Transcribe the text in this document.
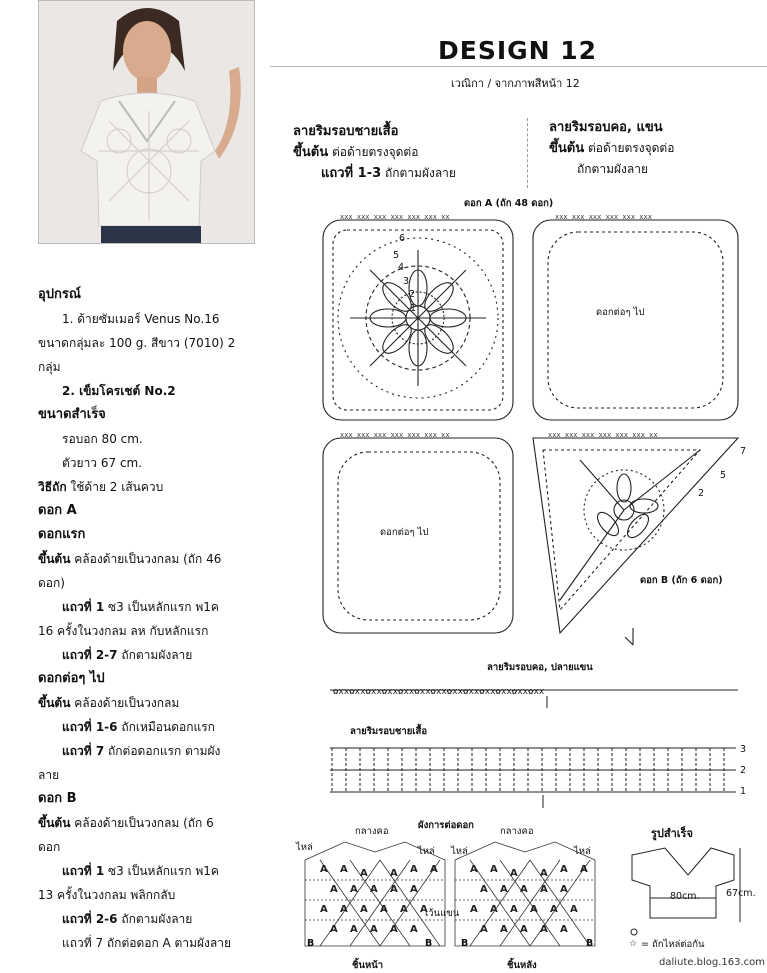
DESIGN 12
เวณิกา / จากภาพสีหน้า 12
อุปกรณ์
1. ด้ายซัมเมอร์ Venus No.16
ขนาดกลุ่มละ 100 g. สีขาว (7010) 2
กลุ่ม
2. เข็มโครเชต์ No.2
ขนาดสำเร็จ
รอบอก 80 cm.
ตัวยาว 67 cm.
วิธีถัก ใช้ด้าย 2 เส้นควบ
ดอก A
ดอกแรก
ขึ้นต้น คล้องด้ายเป็นวงกลม (ถัก 46
ดอก)
แถวที่ 1 ซ3 เป็นหลักแรก พ1ค
16 ครั้งในวงกลม ลห กับหลักแรก
แถวที่ 2-7 ถักตามผังลาย
ดอกต่อๆ ไป
ขึ้นต้น คล้องด้ายเป็นวงกลม
แถวที่ 1-6 ถักเหมือนดอกแรก
แถวที่ 7 ถักต่อดอกแรก ตามผัง
ลาย
ดอก B
ขึ้นต้น คล้องด้ายเป็นวงกลม (ถัก 6
ดอก
แถวที่ 1 ซ3 เป็นหลักแรก พ1ค
13 ครั้งในวงกลม พลิกกลับ
แถวที่ 2-6 ถักตามผังลาย
แถวที่ 7 ถักต่อดอก A ตามผังลาย
ลายริมรอบชายเสื้อ
ขึ้นต้น ต่อด้ายตรงจุดต่อ
แถวที่ 1-3 ถักตามผังลาย
ลายริมรอบคอ, แขน
ขึ้นต้น ต่อด้ายตรงจุดต่อ
ถักตามผังลาย
xxx xxx xxx xxx xxx xxx xx	xxx xxx xxx xxx xxx xxx
xxx xxx xxx xxx xxx xxx xx	xxx xxx xxx xxx xxx xxx xx
✿xx✿xx✿xx✿xx✿xx✿xx✿xx✿xx✿xx✿xx✿xx✿xx✿xx
A A A A A A
A A A A A
A A A A A A
A A A A A
A A A A A A
A A A A A
A A A A A A
A A A A A
☆
ดอก A (ถัก 48 ดอก)
ดอกต่อๆ ไป
ดอกต่อๆ ไป
ดอก B (ถัก 6 ดอก)
6
5
4
3
2
1
2
5
7
ลายริมรอบคอ, ปลายแขน
ลายริมรอบชายเสื้อ
3
2
1
ผังการต่อดอก
กลางคอ	กลางคอ
ไหล่	ไหล่ ไหล่	ไหล่
เว้นแขน
ชิ้นหน้า	ชิ้นหลัง
B	B	B	B
รูปสำเร็จ
80cm.	67cm.
= ถักไหล่ต่อกัน
daliute.blog.163.com
